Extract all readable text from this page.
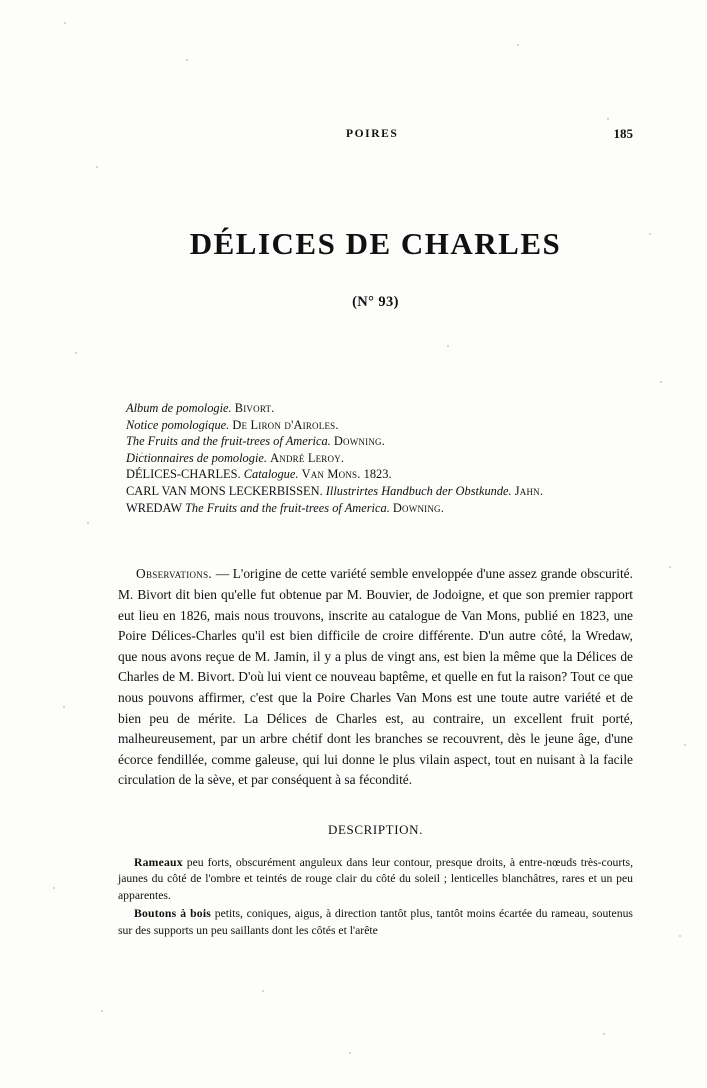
POIRES	185
DÉLICES DE CHARLES
(N° 93)
Album de pomologie. Bivort.
Notice pomologique. De Liron d'Airoles.
The Fruits and the fruit-trees of America. Downing.
Dictionnaires de pomologie. André Leroy.
DÉLICES-CHARLES. Catalogue. Van Mons. 1823.
CARL VAN MONS LECKERBISSEN. Illustrirtes Handbuch der Obstkunde. Jahn.
WREDAW The Fruits and the fruit-trees of America. Downing.

Observations. — L'origine de cette variété semble enveloppée d'une assez grande obscurité. M. Bivort dit bien qu'elle fut obtenue par M. Bouvier, de Jodoigne, et que son premier rapport eut lieu en 1826, mais nous trouvons, inscrite au catalogue de Van Mons, publié en 1823, une Poire Délices-Charles qu'il est bien difficile de croire différente. D'un autre côté, la Wredaw, que nous avons reçue de M. Jamin, il y a plus de vingt ans, est bien la même que la Délices de Charles de M. Bivort. D'où lui vient ce nouveau baptême, et quelle en fut la raison? Tout ce que nous pouvons affirmer, c'est que la Poire Charles Van Mons est une toute autre variété et de bien peu de mérite. La Délices de Charles est, au contraire, un excellent fruit porté, malheureusement, par un arbre chétif dont les branches se recouvrent, dès le jeune âge, d'une écorce fendillée, comme galeuse, qui lui donne le plus vilain aspect, tout en nuisant à la facile circulation de la sève, et par conséquent à sa fécondité.

DESCRIPTION.

Rameaux peu forts, obscurément anguleux dans leur contour, presque droits, à entre-nœuds très-courts, jaunes du côté de l'ombre et teintés de rouge clair du côté du soleil ; lenticelles blanchâtres, rares et un peu apparentes.

Boutons à bois petits, coniques, aigus, à direction tantôt plus, tantôt moins écartée du rameau, soutenus sur des supports un peu saillants dont les côtés et l'arête
